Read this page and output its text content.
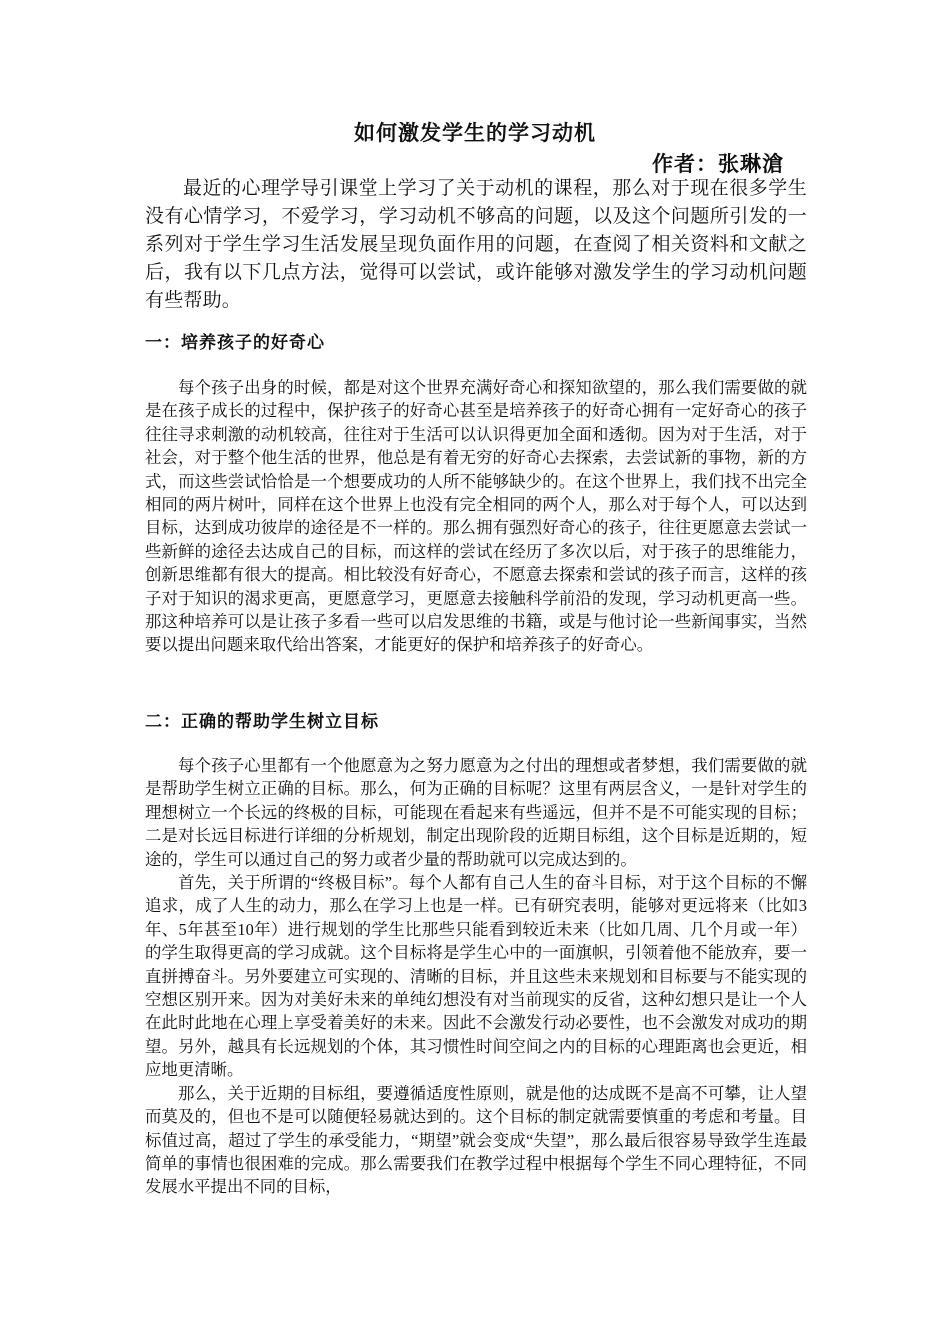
如何激发学生的学习动机
作者：张琳滄

最近的心理学导引课堂上学习了关于动机的课程，那么对于现在很多学生没有心情学习，不爱学习，学习动机不够高的问题，以及这个问题所引发的一系列对于学生学习生活发展呈现负面作用的问题，在查阅了相关资料和文献之后，我有以下几点方法，觉得可以尝试，或许能够对激发学生的学习动机问题有些帮助。

一：培养孩子的好奇心

每个孩子出身的时候，都是对这个世界充满好奇心和探知欲望的，那么我们需要做的就是在孩子成长的过程中，保护孩子的好奇心甚至是培养孩子的好奇心拥有一定好奇心的孩子往往寻求刺激的动机较高，往往对于生活可以认识得更加全面和透彻。因为对于生活，对于社会，对于整个他生活的世界，他总是有着无穷的好奇心去探索，去尝试新的事物，新的方式，而这些尝试恰恰是一个想要成功的人所不能够缺少的。在这个世界上，我们找不出完全相同的两片树叶，同样在这个世界上也没有完全相同的两个人，那么对于每个人，可以达到目标，达到成功彼岸的途径是不一样的。那么拥有强烈好奇心的孩子，往往更愿意去尝试一些新鲜的途径去达成自己的目标，而这样的尝试在经历了多次以后，对于孩子的思维能力，创新思维都有很大的提高。相比较没有好奇心，不愿意去探索和尝试的孩子而言，这样的孩子对于知识的渴求更高，更愿意学习，更愿意去接触科学前沿的发现，学习动机更高一些。那这种培养可以是让孩子多看一些可以启发思维的书籍，或是与他讨论一些新闻事实，当然要以提出问题来取代给出答案，才能更好的保护和培养孩子的好奇心。

二：正确的帮助学生树立目标

每个孩子心里都有一个他愿意为之努力愿意为之付出的理想或者梦想，我们需要做的就是帮助学生树立正确的目标。那么，何为正确的目标呢？这里有两层含义，一是针对学生的理想树立一个长远的终极的目标，可能现在看起来有些遥远，但并不是不可能实现的目标；二是对长远目标进行详细的分析规划，制定出现阶段的近期目标组，这个目标是近期的，短途的，学生可以通过自己的努力或者少量的帮助就可以完成达到的。

首先，关于所谓的“终极目标”。每个人都有自己人生的奋斗目标，对于这个目标的不懈追求，成了人生的动力，那么在学习上也是一样。已有研究表明，能够对更远将来（比如3年、5年甚至10年）进行规划的学生比那些只能看到较近未来（比如几周、几个月或一年）的学生取得更高的学习成就。这个目标将是学生心中的一面旗帜，引领着他不能放弃，要一直拼搏奋斗。另外要建立可实现的、清晰的目标，并且这些未来规划和目标要与不能实现的空想区别开来。因为对美好未来的单纯幻想没有对当前现实的反省，这种幻想只是让一个人在此时此地在心理上享受着美好的未来。因此不会激发行动必要性，也不会激发对成功的期望。另外，越具有长远规划的个体，其习惯性时间空间之内的目标的心理距离也会更近，相应地更清晰。

那么，关于近期的目标组，要遵循适度性原则，就是他的达成既不是高不可攀，让人望而莫及的，但也不是可以随便轻易就达到的。这个目标的制定就需要慎重的考虑和考量。目标值过高，超过了学生的承受能力，“期望”就会变成“失望”，那么最后很容易导致学生连最简单的事情也很困难的完成。那么需要我们在教学过程中根据每个学生不同心理特征，不同发展水平提出不同的目标，
